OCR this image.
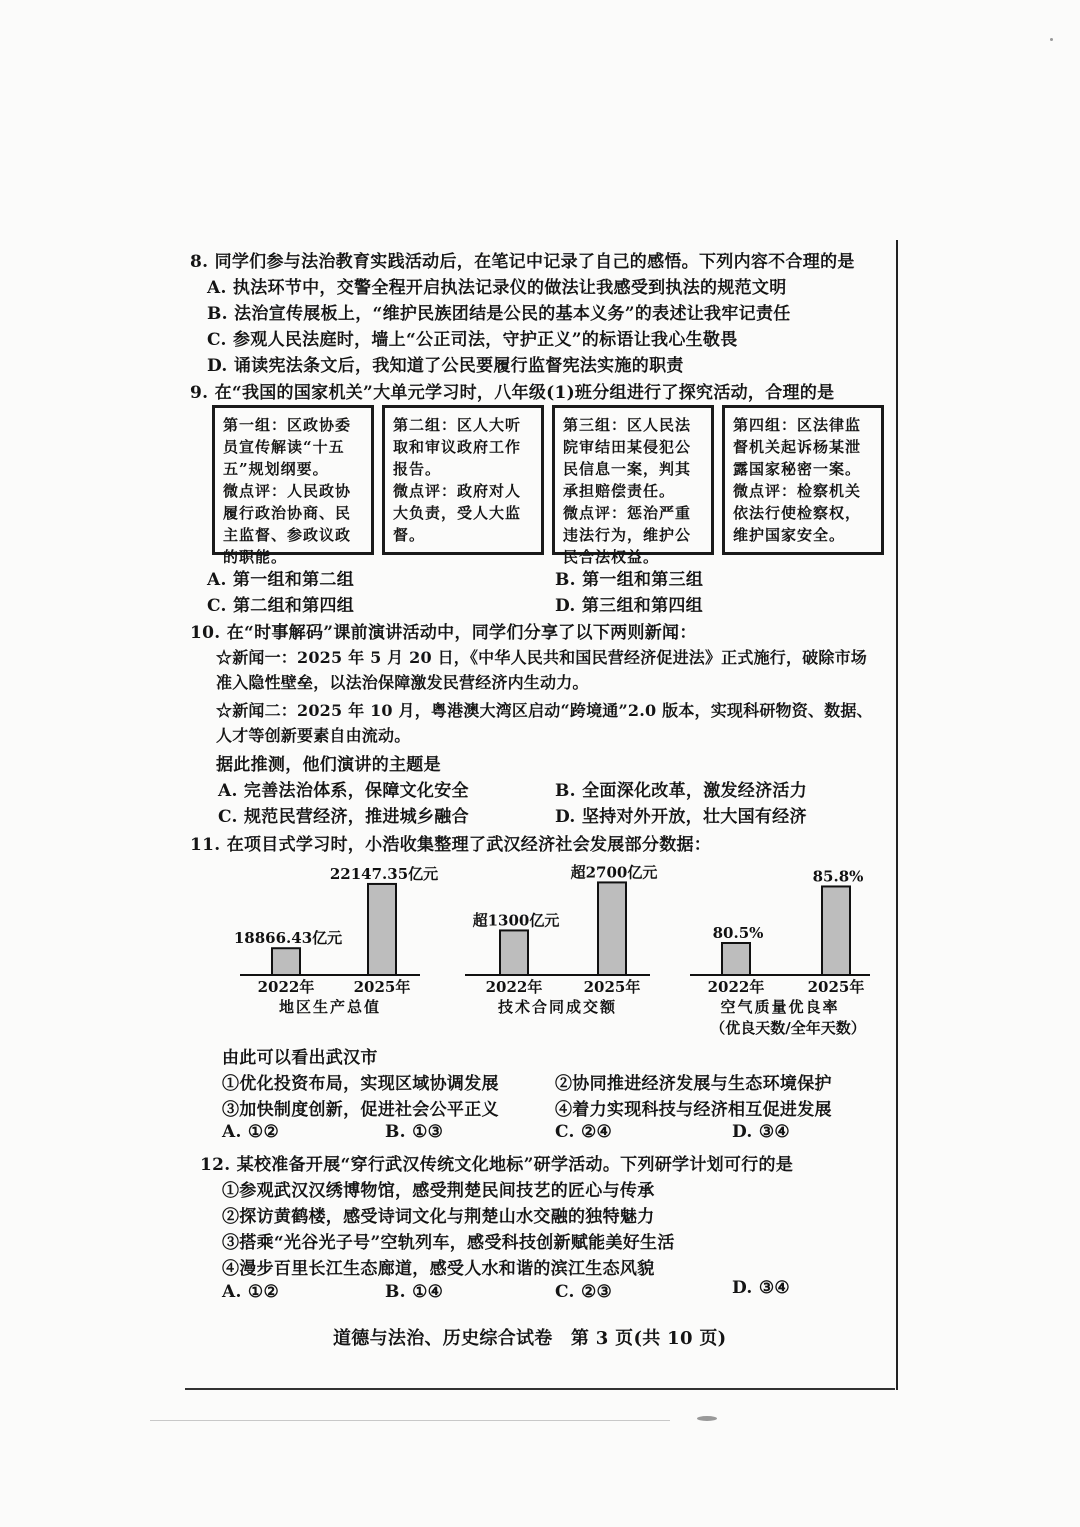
8. 同学们参与法治教育实践活动后，在笔记中记录了自己的感悟。下列内容不合理的是
A. 执法环节中，交警全程开启执法记录仪的做法让我感受到执法的规范文明
B. 法治宣传展板上，“维护民族团结是公民的基本义务”的表述让我牢记责任
C. 参观人民法庭时，墙上“公正司法，守护正义”的标语让我心生敬畏
D. 诵读宪法条文后，我知道了公民要履行监督宪法实施的职责
9. 在“我国的国家机关”大单元学习时，八年级(1)班分组进行了探究活动，合理的是
第一组：区政协委
员宣传解读“十五
五”规划纲要。
微点评：人民政协
履行政治协商、民
主监督、参政议政
的职能。
第二组：区人大听
取和审议政府工作
报告。
微点评：政府对人
大负责，受人大监
督。
第三组：区人民法
院审结田某侵犯公
民信息一案，判其
承担赔偿责任。
微点评：惩治严重
违法行为，维护公
民合法权益。
第四组：区法律监
督机关起诉杨某泄
露国家秘密一案。
微点评：检察机关
依法行使检察权，
维护国家安全。
A. 第一组和第二组	B. 第一组和第三组
C. 第二组和第四组	D. 第三组和第四组
10. 在“时事解码”课前演讲活动中，同学们分享了以下两则新闻：
☆新闻一：2025 年 5 月 20 日，《中华人民共和国民营经济促进法》正式施行，破除市场
准入隐性壁垒，以法治保障激发民营经济内生动力。
☆新闻二：2025 年 10 月，粤港澳大湾区启动“跨境通”2.0 版本，实现科研物资、数据、
人才等创新要素自由流动。
据此推测，他们演讲的主题是
A. 完善法治体系，保障文化安全	B. 全面深化改革，激发经济活力
C. 规范民营经济，推进城乡融合	D. 坚持对外开放，壮大国有经济
11. 在项目式学习时，小浩收集整理了武汉经济社会发展部分数据：
18866.43亿元
2022年
22147.35亿元
2025年
地区生产总值
超1300亿元
2022年
超2700亿元
2025年
技术合同成交额
80.5%
2022年
85.8%
2025年
空气质量优良率
（优良天数/全年天数）
由此可以看出武汉市
①优化投资布局，实现区域协调发展	②协同推进经济发展与生态环境保护
③加快制度创新，促进社会公平正义	④着力实现科技与经济相互促进发展
A. ①②	B. ①③	C. ②④	D. ③④
12. 某校准备开展“穿行武汉传统文化地标”研学活动。下列研学计划可行的是
①参观武汉汉绣博物馆，感受荆楚民间技艺的匠心与传承
②探访黄鹤楼，感受诗词文化与荆楚山水交融的独特魅力
③搭乘“光谷光子号”空轨列车，感受科技创新赋能美好生活
④漫步百里长江生态廊道，感受人水和谐的滨江生态风貌
A. ①②	B. ①④	C. ②③	D. ③④
道德与法治、历史综合试卷　第 3 页(共 10 页)
